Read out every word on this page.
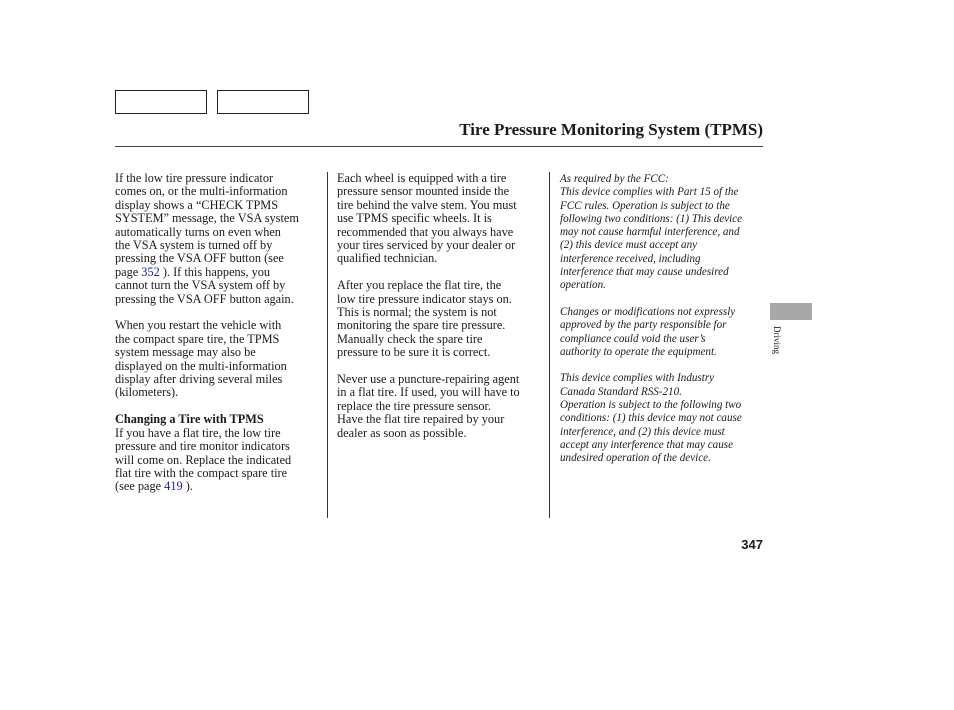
Tire Pressure Monitoring System (TPMS)

If the low tire pressure indicator
comes on, or the multi-information
display shows a “CHECK TPMS
SYSTEM” message, the VSA system
automatically turns on even when
the VSA system is turned off by
pressing the VSA OFF button (see
page 352 ). If this happens, you
cannot turn the VSA system off by
pressing the VSA OFF button again.

When you restart the vehicle with
the compact spare tire, the TPMS
system message may also be
displayed on the multi-information
display after driving several miles
(kilometers).

Changing a Tire with TPMS

If you have a flat tire, the low tire
pressure and tire monitor indicators
will come on. Replace the indicated
flat tire with the compact spare tire
(see page 419 ).

Each wheel is equipped with a tire
pressure sensor mounted inside the
tire behind the valve stem. You must
use TPMS specific wheels. It is
recommended that you always have
your tires serviced by your dealer or
qualified technician.

After you replace the flat tire, the
low tire pressure indicator stays on.
This is normal; the system is not
monitoring the spare tire pressure.
Manually check the spare tire
pressure to be sure it is correct.

Never use a puncture-repairing agent
in a flat tire. If used, you will have to
replace the tire pressure sensor.
Have the flat tire repaired by your
dealer as soon as possible.

As required by the FCC:
This device complies with Part 15 of the
FCC rules. Operation is subject to the
following two conditions: (1) This device
may not cause harmful interference, and
(2) this device must accept any
interference received, including
interference that may cause undesired
operation.

Changes or modifications not expressly
approved by the party responsible for
compliance could void the user’s
authority to operate the equipment.

This device complies with Industry
Canada Standard RSS-210.
Operation is subject to the following two
conditions: (1) this device may not cause
interference, and (2) this device must
accept any interference that may cause
undesired operation of the device.

Driving
347
